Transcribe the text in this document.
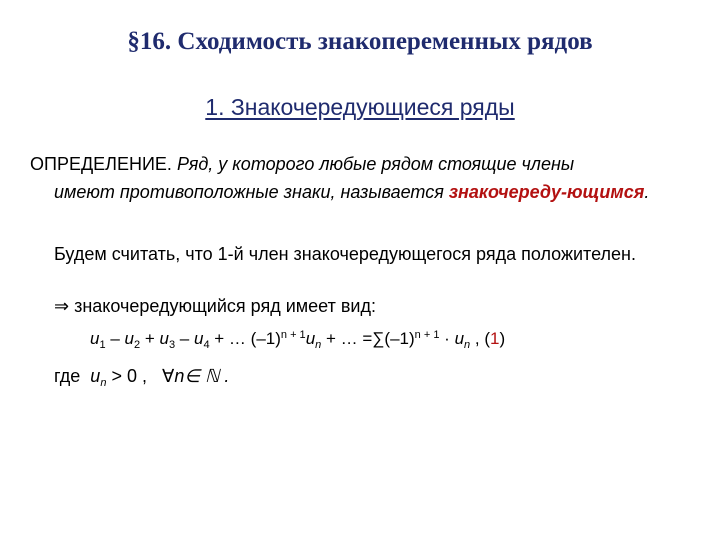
§16. Сходимость знакопеременных рядов
1. Знакочередующиеся ряды
ОПРЕДЕЛЕНИЕ. Ряд, у которого любые рядом стоящие члены
имеют противоположные знаки, называется знакочереду-ющимся.
Будем считать, что 1-й член знакочередующегося ряда положителен.
⇒ знакочередующийся ряд имеет вид:
$u_1 - u_2 + u_3 - u_4$ + … $(-1)^{n + 1}u_n$ + … $=\sum(-1)^{n + 1} \cdot u_n$ , (1)
где $u_n > 0$ , ∀n∈ ℕ .
